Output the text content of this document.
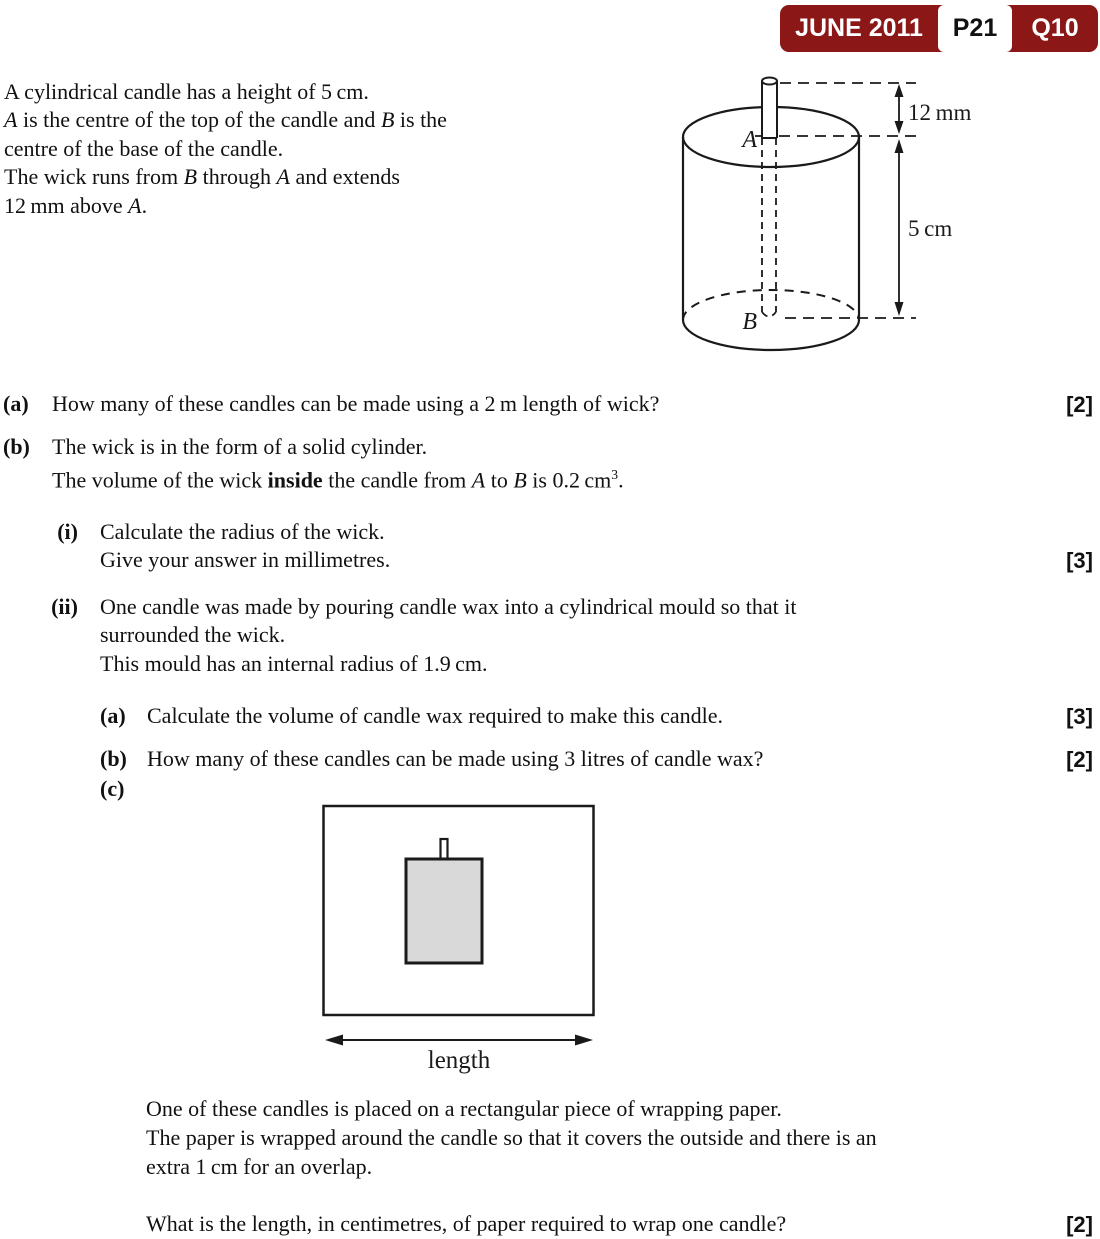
JUNE 2011	P21	Q10
A cylindrical candle has a height of 5 cm.
A is the centre of the top of the candle and B is the
centre of the base of the candle.
The wick runs from B through A and extends
12 mm above A.
A
B
12 mm
5 cm
(a) How many of these candles can be made using a 2 m length of wick?	[2]
(b) The wick is in the form of a solid cylinder.
The volume of the wick inside the candle from A to B is 0.2 $cm^3$.
(i) Calculate the radius of the wick.
Give your answer in millimetres.	[3]
(ii) One candle was made by pouring candle wax into a cylindrical mould so that it
surrounded the wick.
This mould has an internal radius of 1.9 cm.
(a) Calculate the volume of candle wax required to make this candle.	[3]
(b) How many of these candles can be made using 3 litres of candle wax?	[2]
(c)
One of these candles is placed on a rectangular piece of wrapping paper.
The paper is wrapped around the candle so that it covers the outside and there is an
extra 1 cm for an overlap.
What is the length, in centimetres, of paper required to wrap one candle?	[2]
length
